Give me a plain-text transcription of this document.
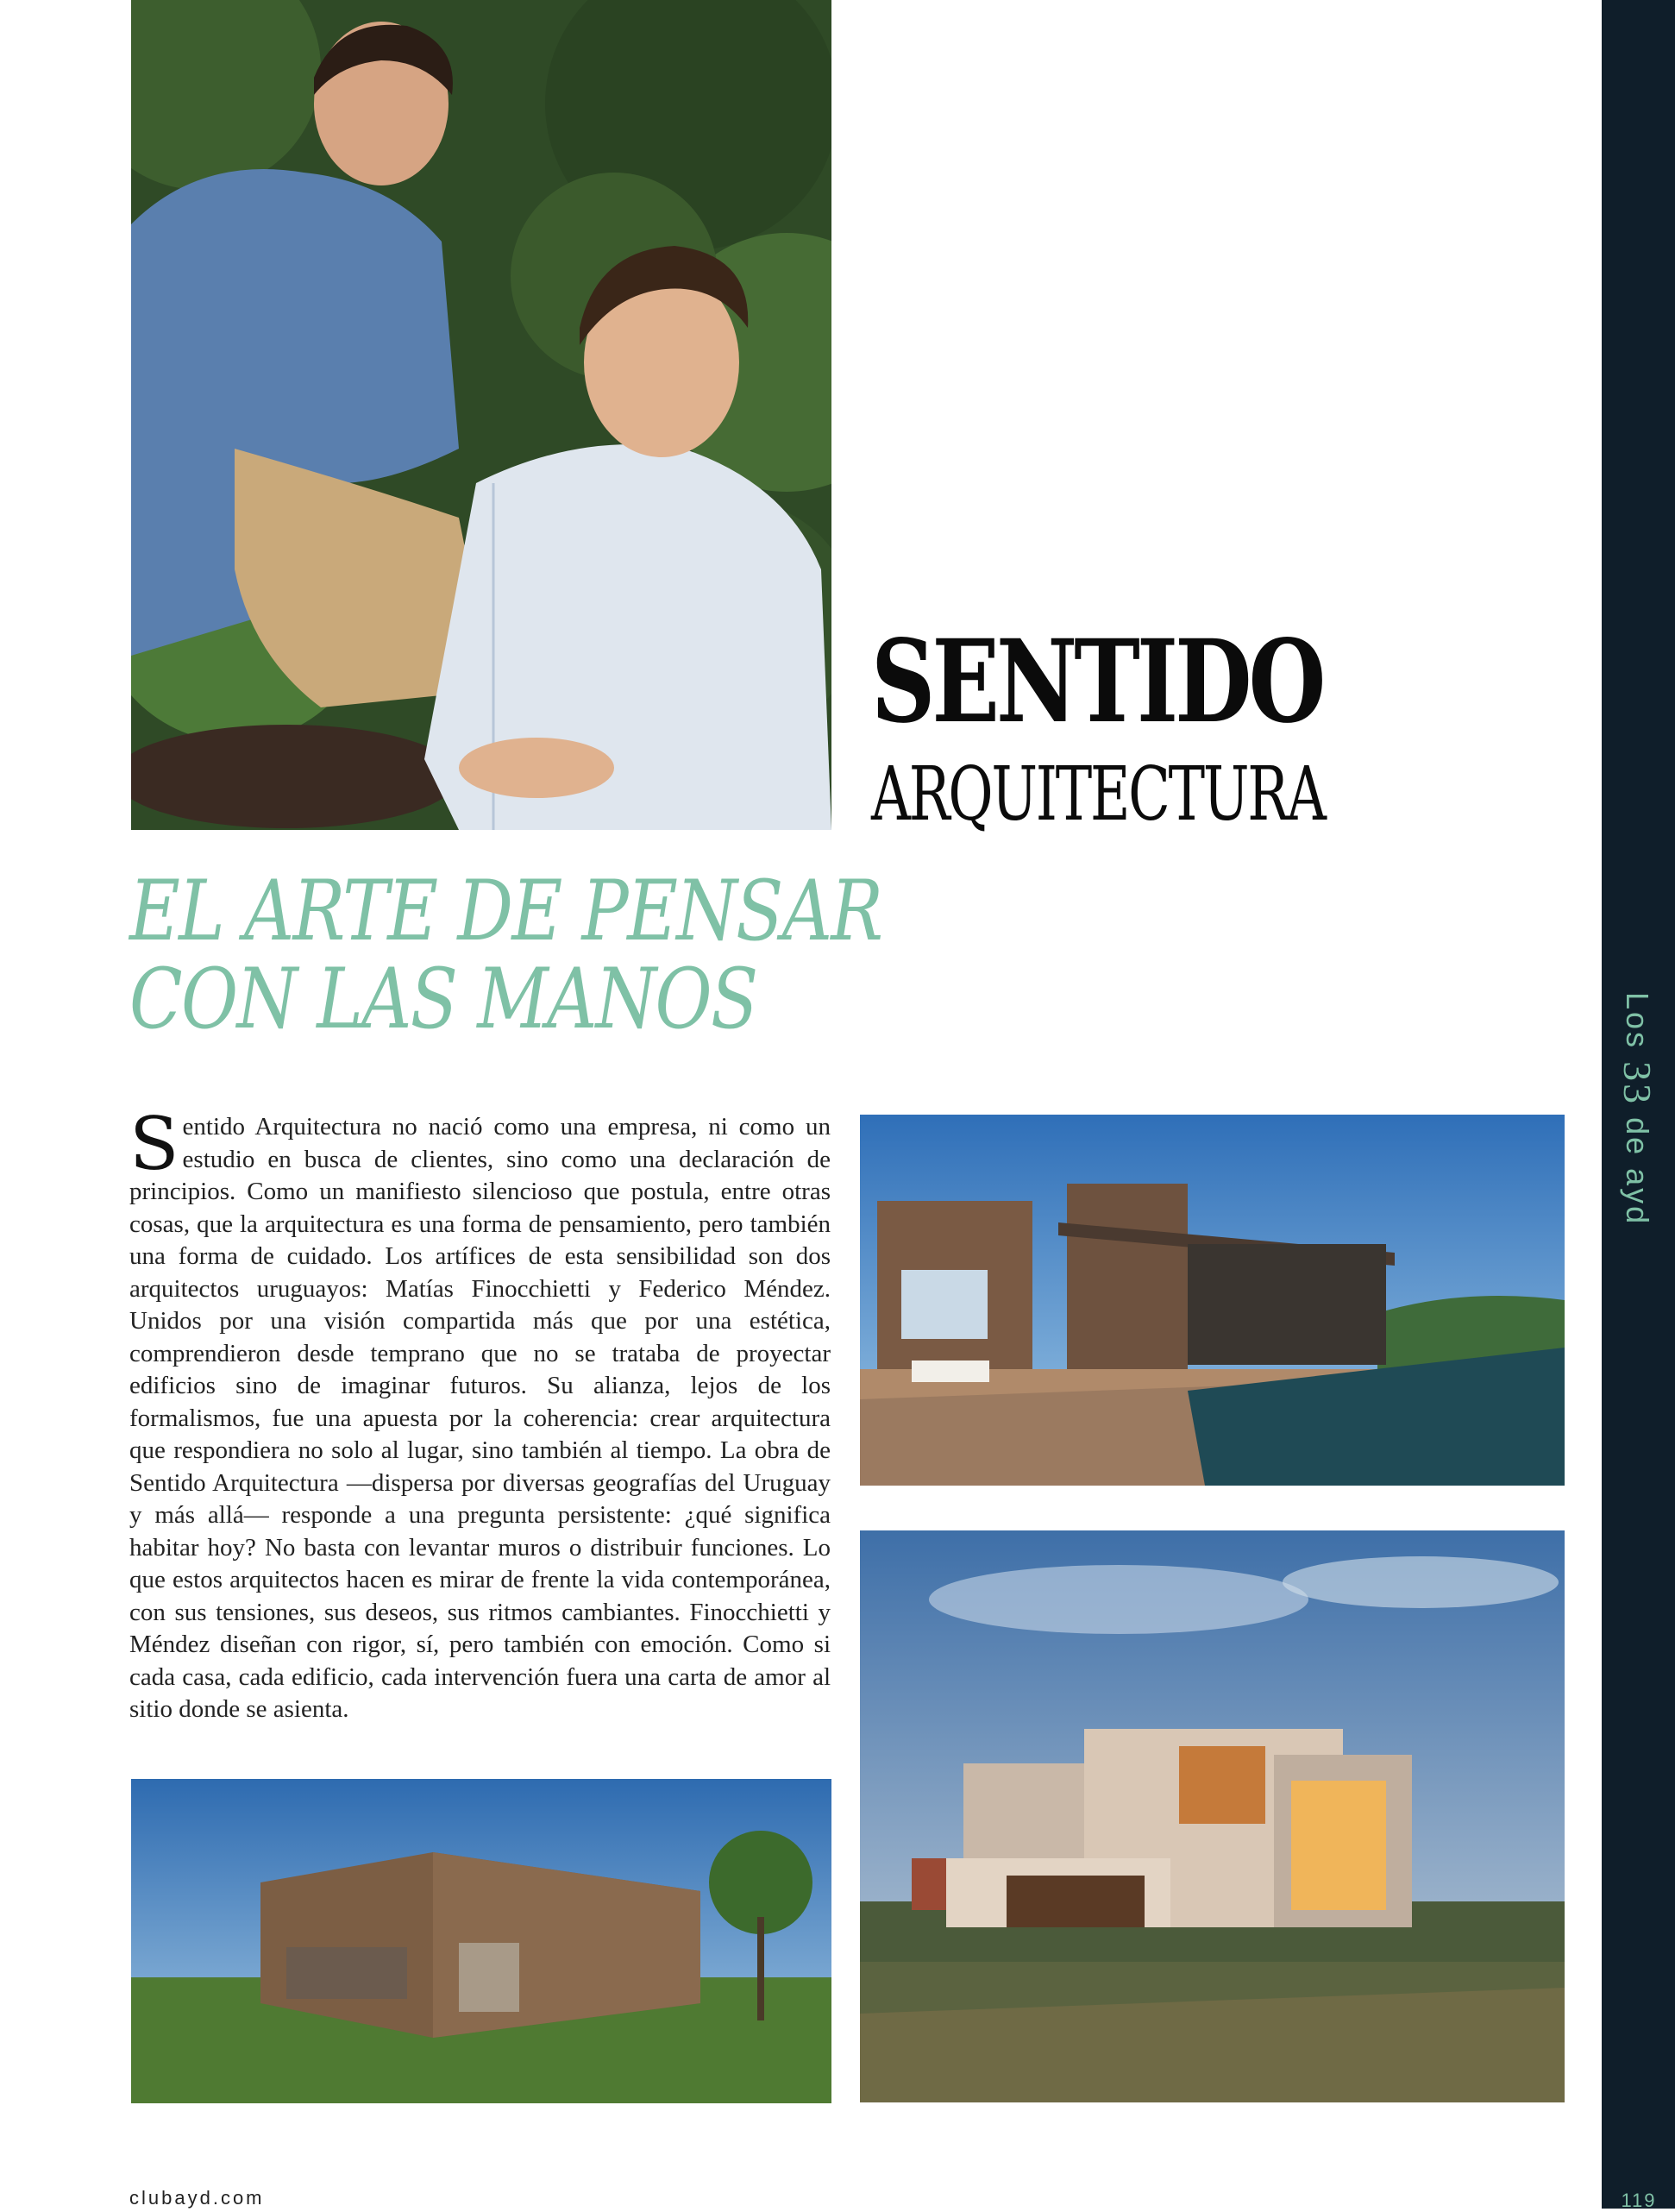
Los 33 de ayd
119
SENTIDO
ARQUITECTURA
EL ARTE DE PENSAR
CON LAS MANOS

Sentido Arquitectura no nació como una empresa, ni como un estudio en busca de clientes, sino como una declaración de principios. Como un manifiesto silencioso que postula, entre otras cosas, que la arquitectura es una forma de pensamiento, pero también una forma de cuidado. Los artífices de esta sensibilidad son dos arquitectos uruguayos: Matías Finocchietti y Federico Méndez. Unidos por una visión compartida más que por una estética, comprendieron desde temprano que no se trataba de proyectar edificios sino de imaginar futuros. Su alianza, lejos de los formalismos, fue una apuesta por la coherencia: crear arquitectura que respondiera no solo al lugar, sino también al tiempo. La obra de Sentido Arquitectura —dispersa por diversas geografías del Uruguay y más allá— responde a una pregunta persistente: ¿qué significa habitar hoy? No basta con levantar muros o distribuir funciones. Lo que estos arquitectos hacen es mirar de frente la vida contemporánea, con sus tensiones, sus deseos, sus ritmos cambiantes. Finocchietti y Méndez diseñan con rigor, sí, pero también con emoción. Como si cada casa, cada edificio, cada intervención fuera una carta de amor al sitio donde se asienta.

clubayd.com
